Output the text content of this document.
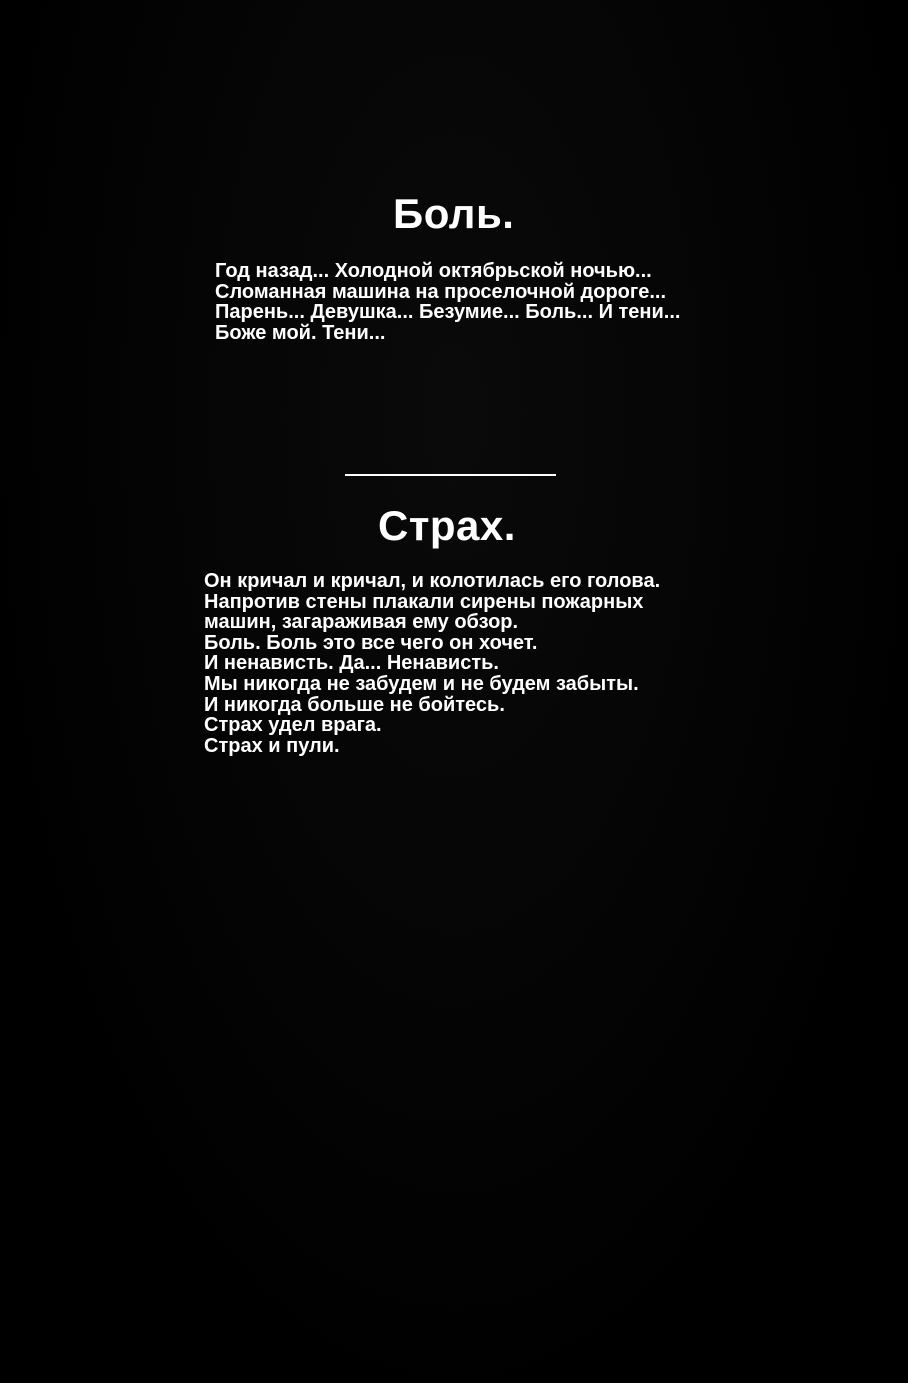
Боль.
Год назад... Холодной октябрьской ночью...
Сломанная машина на проселочной дороге...
Парень... Девушка... Безумие... Боль... И тени...
Боже мой. Тени...
Страх.
Он кричал и кричал, и колотилась его голова.
Напротив стены плакали сирены пожарных
машин, загараживая ему обзор.
Боль. Боль это все чего он хочет.
И ненависть. Да... Ненависть.
Мы никогда не забудем и не будем забыты.
И никогда больше не бойтесь.
Страх удел врага.
Страх и пули.
